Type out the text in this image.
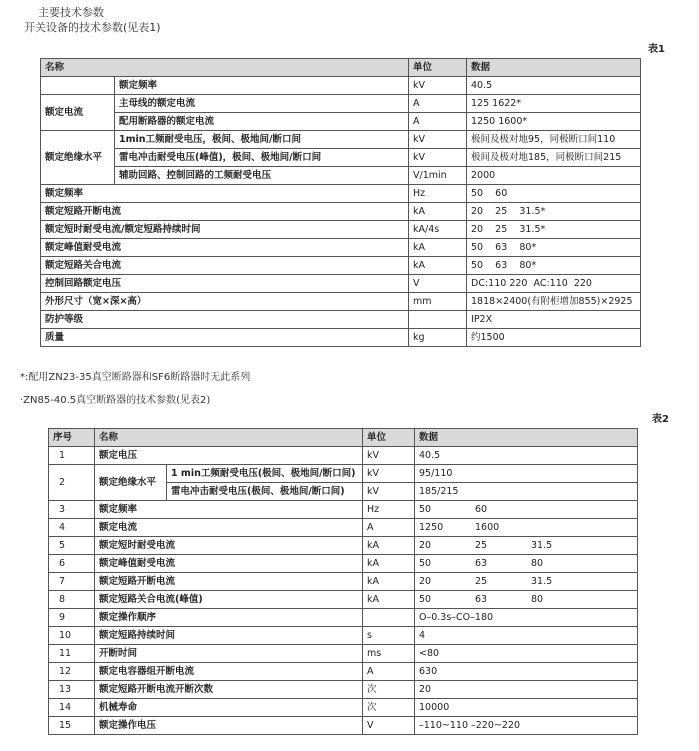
主要技术参数
开关设备的技术参数(见表1)
表1
名称		单位	数据
	额定频率	kV	40.5
额定电流	主母线的额定电流	A	125 1622*
	配用断路器的额定电流	A	1250 1600*
额定绝缘水平	1min工频耐受电压，极间、极地间/断口间	kV	极间及极对地95，同极断口间110
	雷电冲击耐受电压(峰值)，极间、极地间/断口间	kV	极间及极对地185，同极断口间215
	辅助回路、控制回路的工频耐受电压	V/1min	2000
额定频率		Hz	50    60
额定短路开断电流		kA	20    25    31.5*
额定短时耐受电流/额定短路持续时间		kA/4s	20    25    31.5*
额定峰值耐受电流		kA	50    63    80*
额定短路关合电流		kA	50    63    80*
控制回路额定电压		V	DC:110 220  AC:110  220
外形尺寸（宽×深×高）		mm	1818×2400(有附柜增加855)×2925
防护等级			IP2X
质量		kg	约1500
*:配用ZN23-35真空断路器和SF6断路器时无此系列
·ZN85-40.5真空断路器的技术参数(见表2)
表2
序号	名称		单位	数据
1	额定电压		kV	40.5
2	额定绝缘水平	1 min工频耐受电压(极间、极地间/断口间)	kV	95/110
		雷电冲击耐受电压(极间、极地间/断口间)	kV	185/215
3	额定频率		Hz	50 60
4	额定电流		A	1250 1600
5	额定短时耐受电流		kA	20 25 31.5
6	额定峰值耐受电流		kA	50 63 80
7	额定短路开断电流		kA	20 25 31.5
8	额定短路关合电流(峰值)		kA	50 63 80
9	额定操作顺序			O–0.3s–CO–180
10	额定短路持续时间		s	4
11	开断时间		ms	<80
12	额定电容器组开断电流		A	630
13	额定短路开断电流开断次数		次	20
14	机械寿命		次	10000
15	额定操作电压		V	–110~110 –220~220
